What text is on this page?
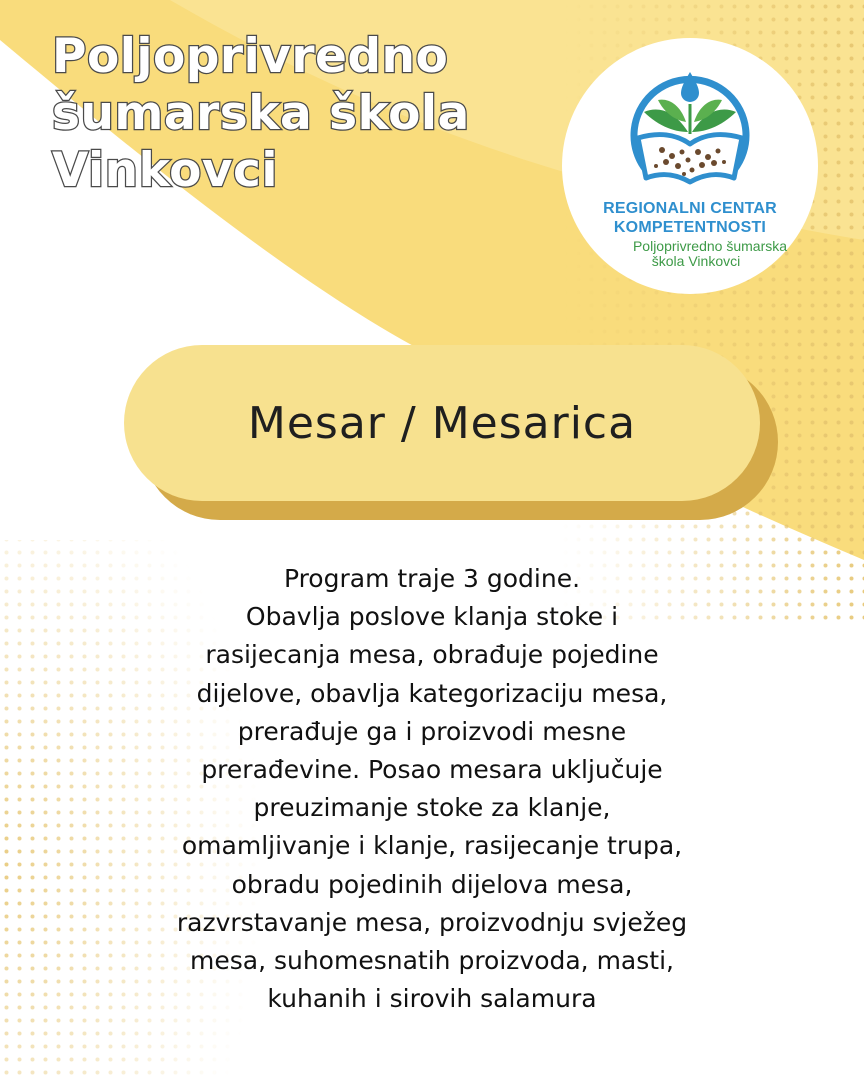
Poljoprivredno
šumarska škola
Vinkovci
REGIONALNI CENTAR
KOMPETENTNOSTI
Poljoprivredno šumarska
škola Vinkovci
Mesar / Mesarica
Program traje 3 godine.
Obavlja poslove klanja stoke i
rasijecanja mesa, obrađuje pojedine
dijelove, obavlja kategorizaciju mesa,
prerađuje ga i proizvodi mesne
prerađevine. Posao mesara uključuje
preuzimanje stoke za klanje,
omamljivanje i klanje, rasijecanje trupa,
obradu pojedinih dijelova mesa,
razvrstavanje mesa, proizvodnju svježeg
mesa, suhomesnatih proizvoda, masti,
kuhanih i sirovih salamura
